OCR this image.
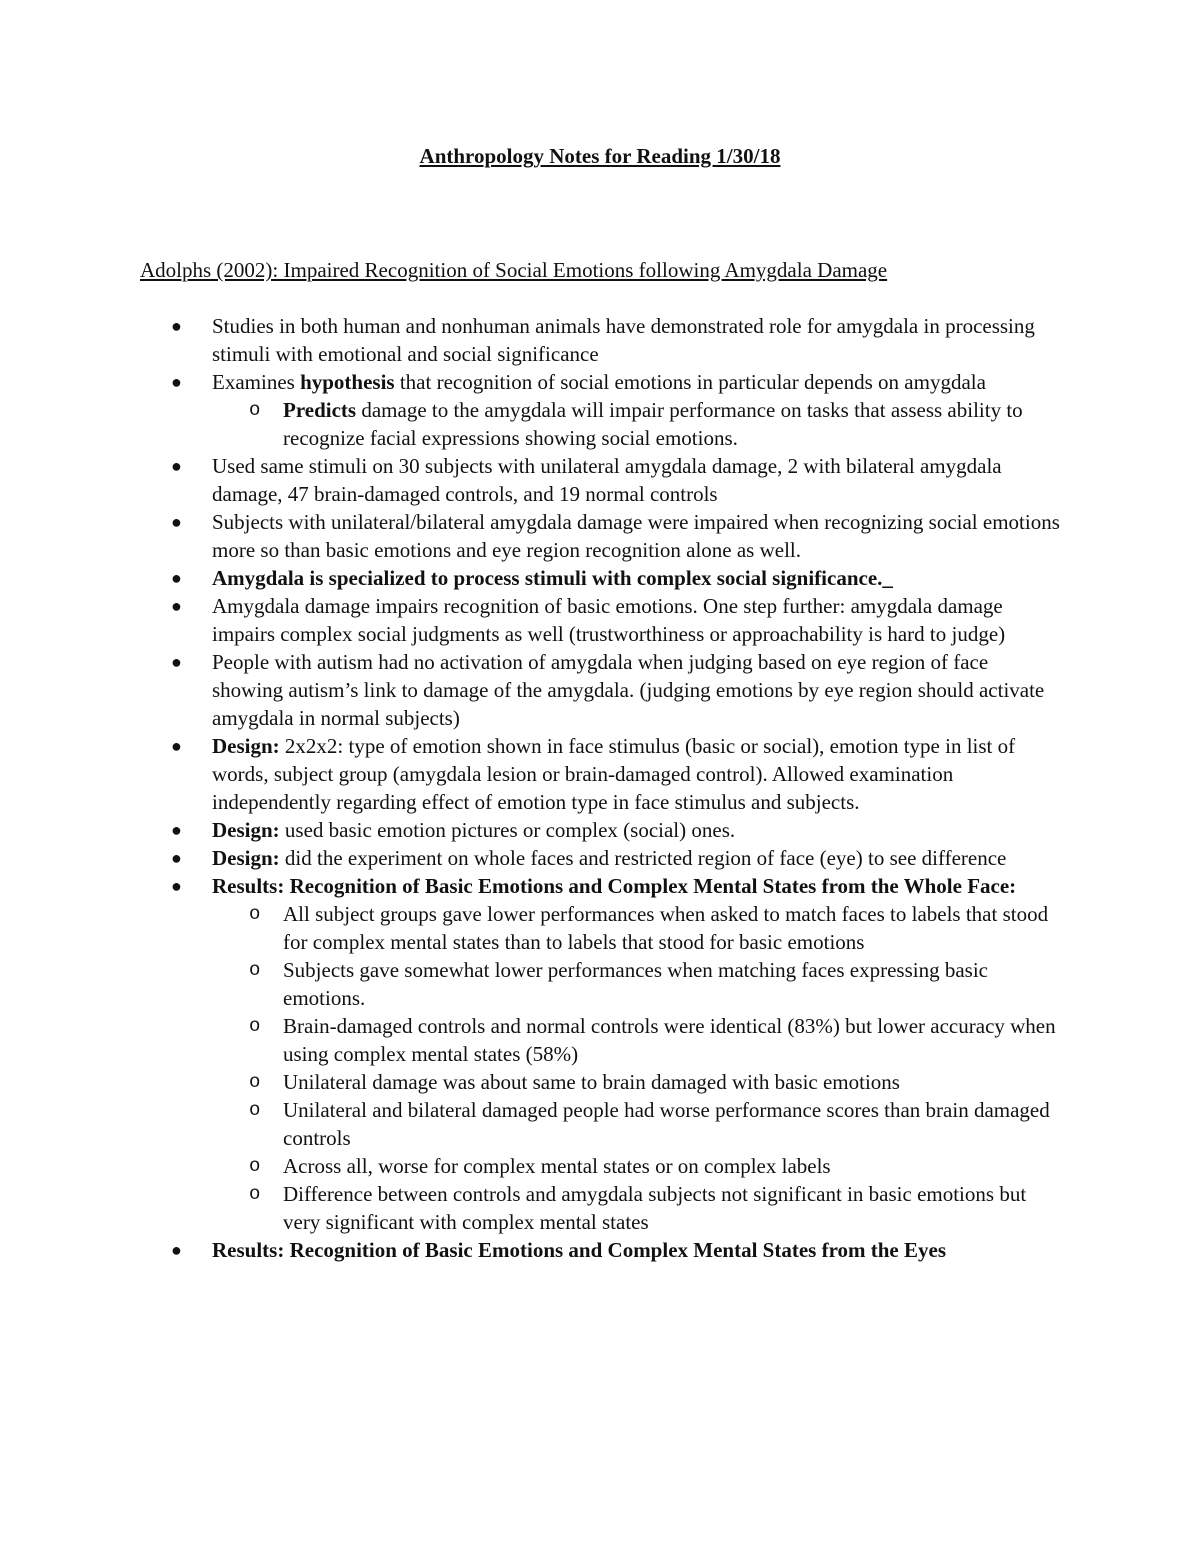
Anthropology Notes for Reading 1/30/18
Adolphs (2002): Impaired Recognition of Social Emotions following Amygdala Damage
●	Studies in both human and nonhuman animals have demonstrated role for amygdala in processing stimuli with emotional and social significance
●	Examines hypothesis that recognition of social emotions in particular depends on amygdala
o Predicts damage to the amygdala will impair performance on tasks that assess ability to recognize facial expressions showing social emotions.
●	Used same stimuli on 30 subjects with unilateral amygdala damage, 2 with bilateral amygdala damage, 47 brain-damaged controls, and 19 normal controls
●	Subjects with unilateral/bilateral amygdala damage were impaired when recognizing social emotions more so than basic emotions and eye region recognition alone as well.
●	Amygdala is specialized to process stimuli with complex social significance._
●	Amygdala damage impairs recognition of basic emotions. One step further: amygdala damage impairs complex social judgments as well (trustworthiness or approachability is hard to judge)
●	People with autism had no activation of amygdala when judging based on eye region of face showing autism’s link to damage of the amygdala. (judging emotions by eye region should activate amygdala in normal subjects)
●	Design: 2x2x2: type of emotion shown in face stimulus (basic or social), emotion type in list of words, subject group (amygdala lesion or brain-damaged control). Allowed examination independently regarding effect of emotion type in face stimulus and subjects.
●	Design: used basic emotion pictures or complex (social) ones.
●	Design: did the experiment on whole faces and restricted region of face (eye) to see difference
●	Results: Recognition of Basic Emotions and Complex Mental States from the Whole Face:
o All subject groups gave lower performances when asked to match faces to labels that stood for complex mental states than to labels that stood for basic emotions
o Subjects gave somewhat lower performances when matching faces expressing basic emotions.
o Brain-damaged controls and normal controls were identical (83%) but lower accuracy when using complex mental states (58%)
o Unilateral damage was about same to brain damaged with basic emotions
o Unilateral and bilateral damaged people had worse performance scores than brain damaged controls
o Across all, worse for complex mental states or on complex labels
o Difference between controls and amygdala subjects not significant in basic emotions but very significant with complex mental states
●	Results: Recognition of Basic Emotions and Complex Mental States from the Eyes
